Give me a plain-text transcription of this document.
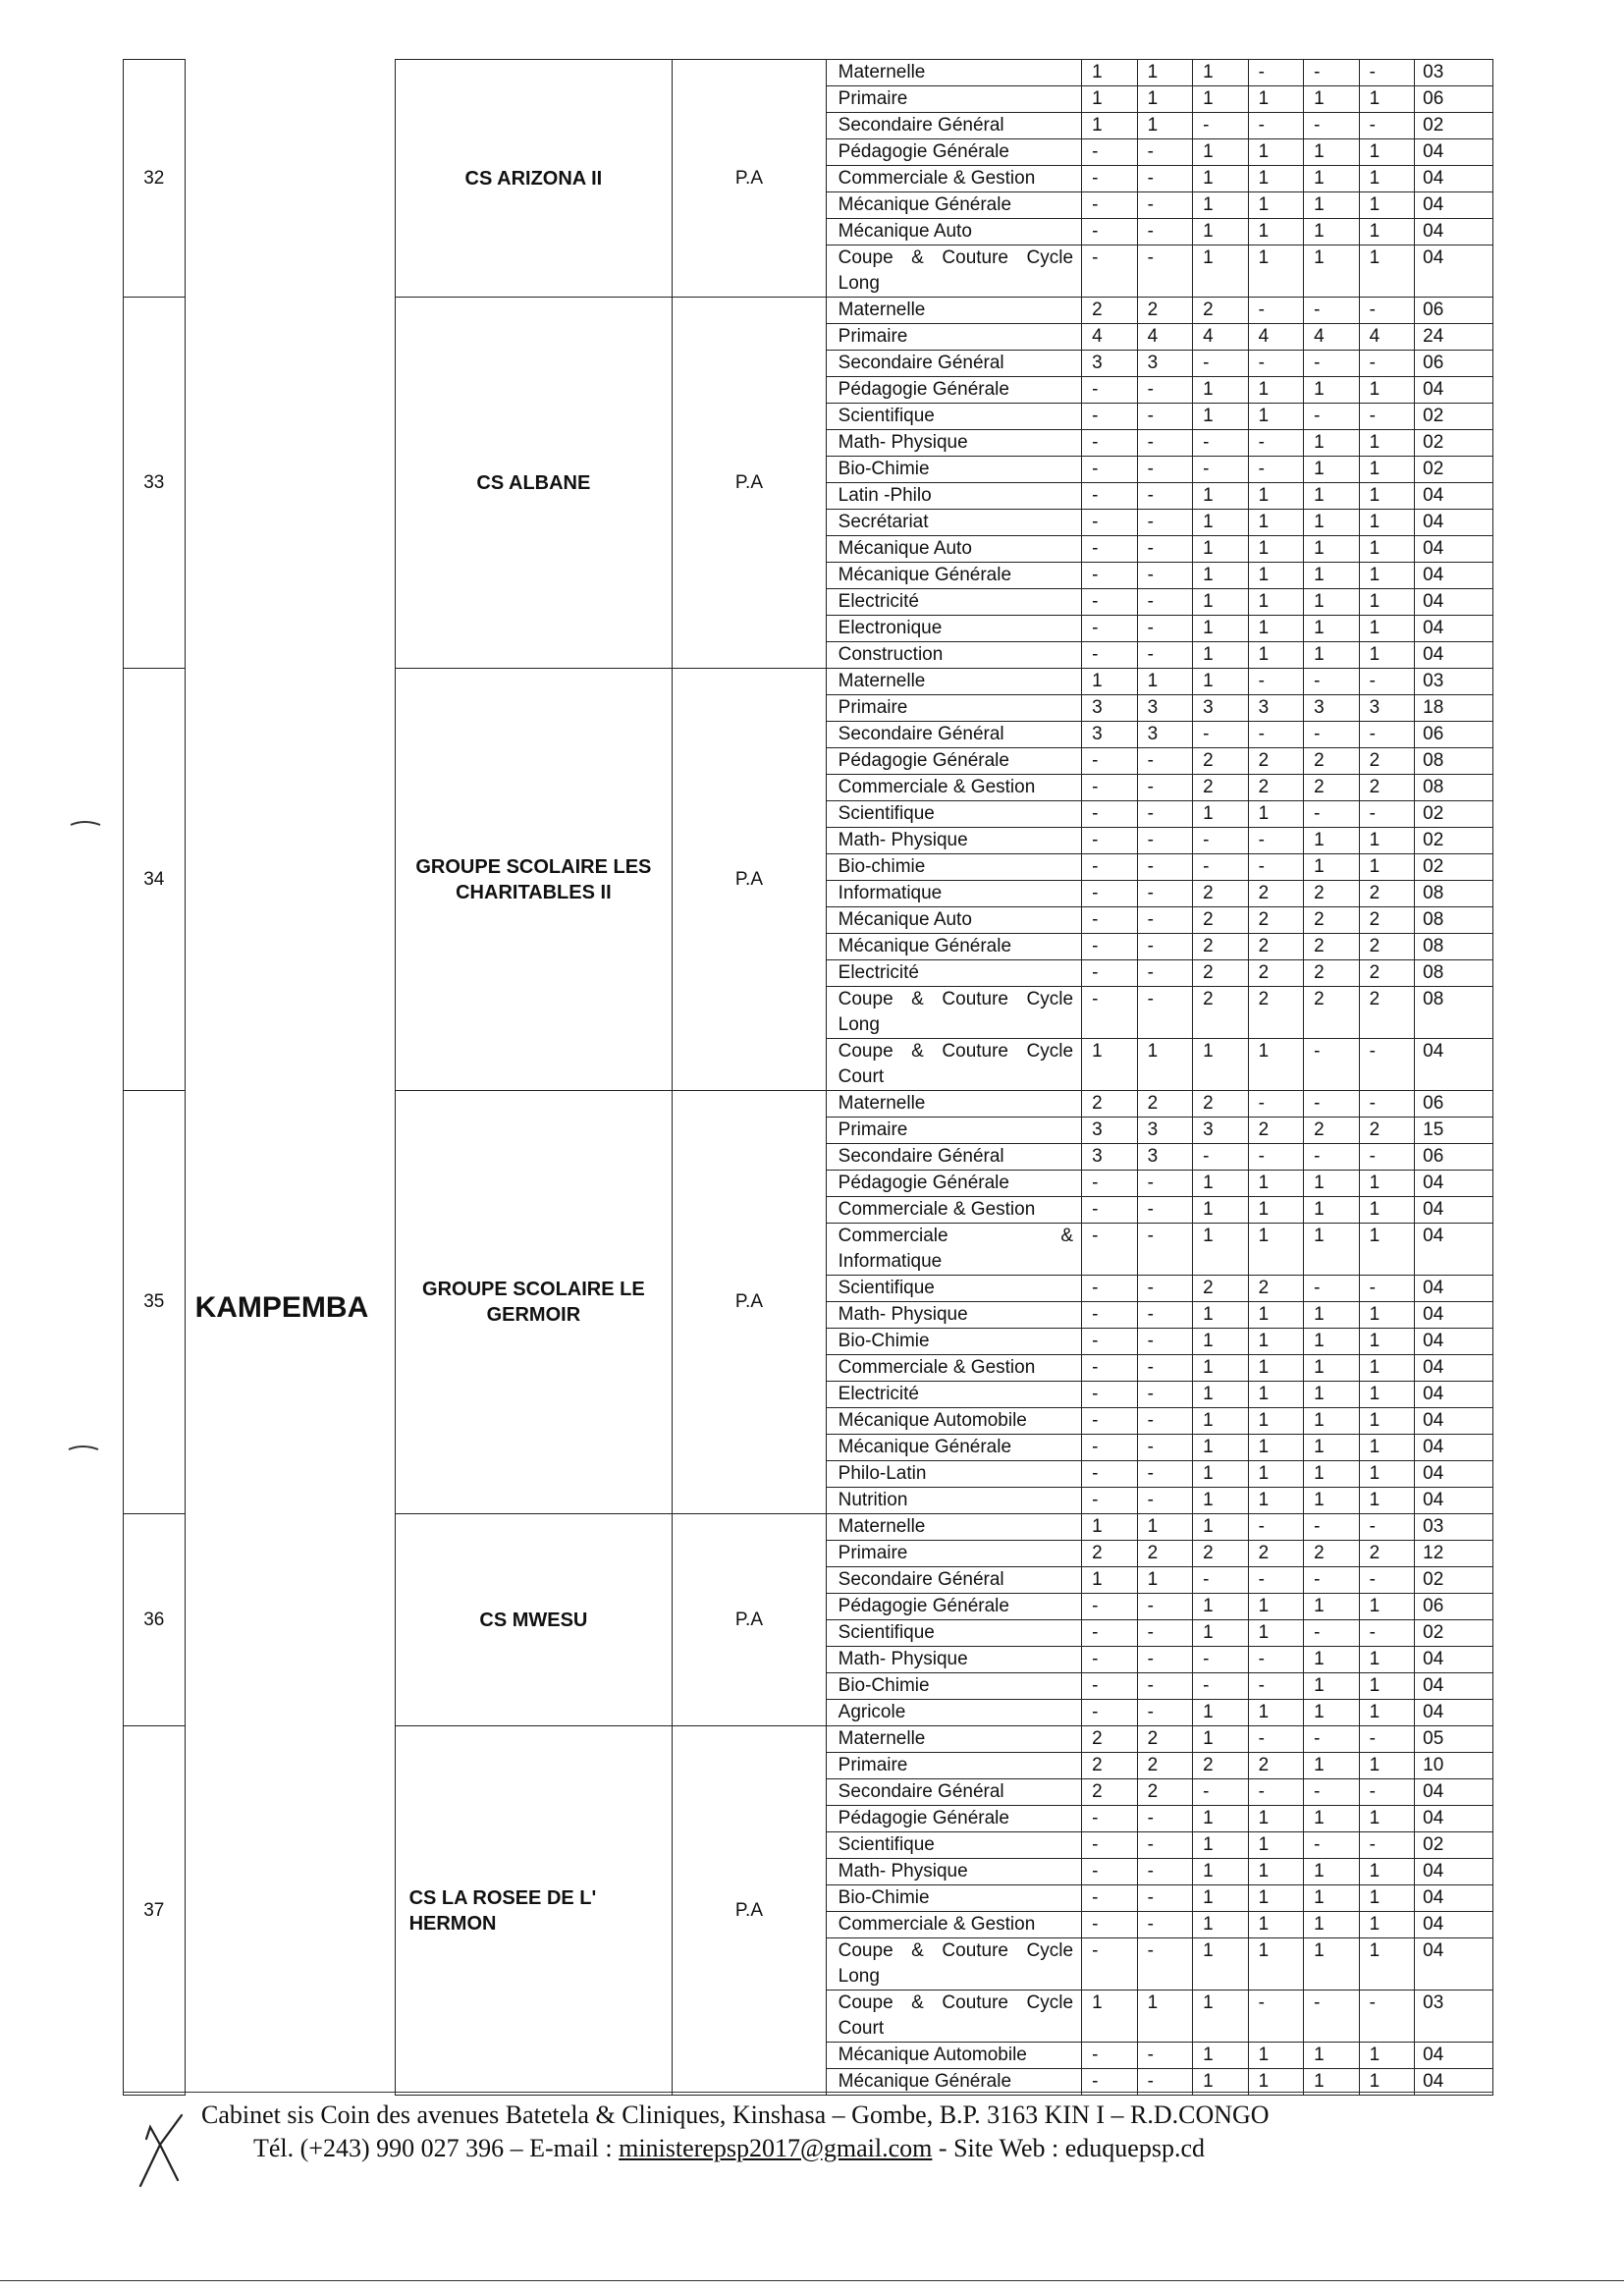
32	KAMPEMBA	CS ARIZONA II	P.A	Maternelle	1	1	1	-	-	-	03
				Primaire	1	1	1	1	1	1	06
				Secondaire Général	1	1	-	-	-	-	02
				Pédagogie Générale	-	-	1	1	1	1	04
				Commerciale & Gestion	-	-	1	1	1	1	04
				Mécanique Générale	-	-	1	1	1	1	04
				Mécanique Auto	-	-	1	1	1	1	04
				Coupe & Couture Cycle Long	-	-	1	1	1	1	04
33		CS ALBANE	P.A	Maternelle	2	2	2	-	-	-	06
				Primaire	4	4	4	4	4	4	24
				Secondaire Général	3	3	-	-	-	-	06
				Pédagogie Générale	-	-	1	1	1	1	04
				Scientifique	-	-	1	1	-	-	02
				Math- Physique	-	-	-	-	1	1	02
				Bio-Chimie	-	-	-	-	1	1	02
				Latin -Philo	-	-	1	1	1	1	04
				Secrétariat	-	-	1	1	1	1	04
				Mécanique Auto	-	-	1	1	1	1	04
				Mécanique Générale	-	-	1	1	1	1	04
				Electricité	-	-	1	1	1	1	04
				Electronique	-	-	1	1	1	1	04
				Construction	-	-	1	1	1	1	04
34		GROUPE SCOLAIRE LES CHARITABLES II	P.A	Maternelle	1	1	1	-	-	-	03
				Primaire	3	3	3	3	3	3	18
				Secondaire Général	3	3	-	-	-	-	06
				Pédagogie Générale	-	-	2	2	2	2	08
				Commerciale & Gestion	-	-	2	2	2	2	08
				Scientifique	-	-	1	1	-	-	02
				Math- Physique	-	-	-	-	1	1	02
				Bio-chimie	-	-	-	-	1	1	02
				Informatique	-	-	2	2	2	2	08
				Mécanique Auto	-	-	2	2	2	2	08
				Mécanique Générale	-	-	2	2	2	2	08
				Electricité	-	-	2	2	2	2	08
				Coupe & Couture Cycle Long	-	-	2	2	2	2	08
				Coupe & Couture Cycle Court	1	1	1	1	-	-	04
35		GROUPE SCOLAIRE LE GERMOIR	P.A	Maternelle	2	2	2	-	-	-	06
				Primaire	3	3	3	2	2	2	15
				Secondaire Général	3	3	-	-	-	-	06
				Pédagogie Générale	-	-	1	1	1	1	04
				Commerciale & Gestion	-	-	1	1	1	1	04
				Commerciale & Informatique	-	-	1	1	1	1	04
				Scientifique	-	-	2	2	-	-	04
				Math- Physique	-	-	1	1	1	1	04
				Bio-Chimie	-	-	1	1	1	1	04
				Commerciale & Gestion	-	-	1	1	1	1	04
				Electricité	-	-	1	1	1	1	04
				Mécanique Automobile	-	-	1	1	1	1	04
				Mécanique Générale	-	-	1	1	1	1	04
				Philo-Latin	-	-	1	1	1	1	04
				Nutrition	-	-	1	1	1	1	04
36		CS MWESU	P.A	Maternelle	1	1	1	-	-	-	03
				Primaire	2	2	2	2	2	2	12
				Secondaire Général	1	1	-	-	-	-	02
				Pédagogie Générale	-	-	1	1	1	1	06
				Scientifique	-	-	1	1	-	-	02
				Math- Physique	-	-	-	-	1	1	04
				Bio-Chimie	-	-	-	-	1	1	04
				Agricole	-	-	1	1	1	1	04
37		CS LA ROSEE DE L' HERMON	P.A	Maternelle	2	2	1	-	-	-	05
				Primaire	2	2	2	2	1	1	10
				Secondaire Général	2	2	-	-	-	-	04
				Pédagogie Générale	-	-	1	1	1	1	04
				Scientifique	-	-	1	1	-	-	02
				Math- Physique	-	-	1	1	1	1	04
				Bio-Chimie	-	-	1	1	1	1	04
				Commerciale & Gestion	-	-	1	1	1	1	04
				Coupe & Couture Cycle Long	-	-	1	1	1	1	04
				Coupe & Couture Cycle Court	1	1	1	-	-	-	03
				Mécanique Automobile	-	-	1	1	1	1	04
				Mécanique Générale	-	-	1	1	1	1	04
Cabinet sis Coin des avenues Batetela & Cliniques, Kinshasa – Gombe, B.P. 3163 KIN I – R.D.CONGO
Tél. (+243) 990 027 396 – E-mail : ministerepsp2017@gmail.com - Site Web : eduquepsp.cd
